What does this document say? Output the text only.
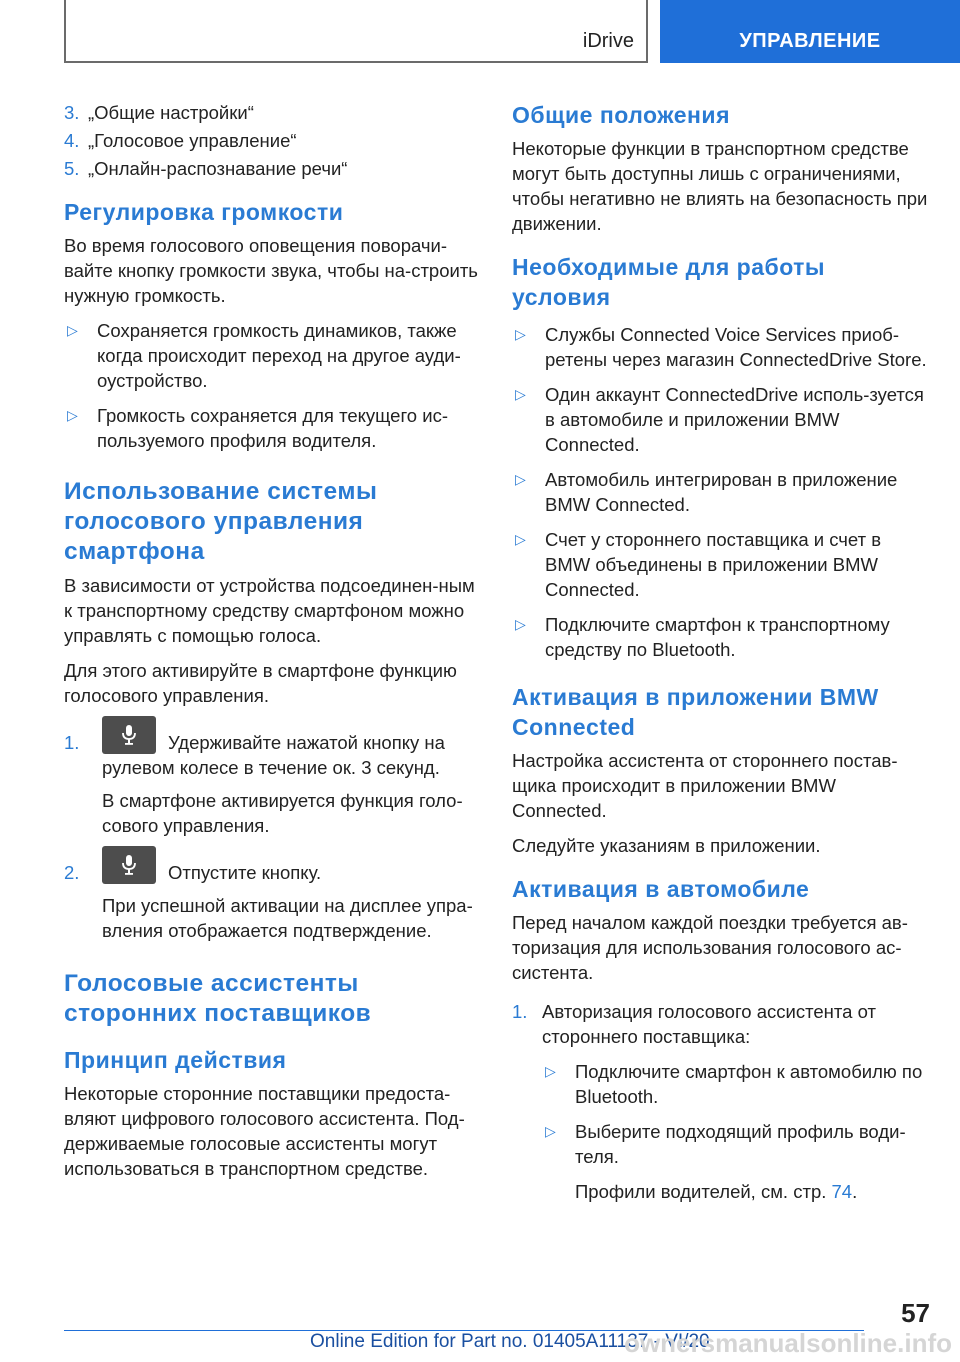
iDrive	УПРАВЛЕНИЕ
3. „Общие настройки“
4. „Голосовое управление“
5. „Онлайн-распознавание речи“
Регулировка громкости

Во время голосового оповещения поворачи-вайте кнопку громкости звука, чтобы на-строить нужную громкость.

▷	Сохраняется громкость динамиков, также когда происходит переход на другое ауди-оустройство.
▷	Громкость сохраняется для текущего ис-пользуемого профиля водителя.
Использование системы голосового управления смартфона

В зависимости от устройства подсоединен-ным к транспортному средству смартфоном можно управлять с помощью голоса.

Для этого активируйте в смартфоне функцию голосового управления.

1.	Удерживайте нажатой кнопку на рулевом колесе в течение ок. 3 секунд.

В смартфоне активируется функция голо-сового управления.

2.	Отпустите кнопку.

При успешной активации на дисплее упра-вления отображается подтверждение.

Голосовые ассистенты сторонних поставщиков
Принцип действия

Некоторые сторонние поставщики предоста-вляют цифрового голосового ассистента. Под-держиваемые голосовые ассистенты могут использоваться в транспортном средстве.

Общие положения

Некоторые функции в транспортном средстве могут быть доступны лишь с ограничениями, чтобы негативно не влиять на безопасность при движении.

Необходимые для работы условия
▷	Службы Connected Voice Services приоб-ретены через магазин ConnectedDrive Store.
▷	Один аккаунт ConnectedDrive исполь-зуется в автомобиле и приложении BMW Connected.
▷	Автомобиль интегрирован в приложение BMW Connected.
▷	Счет у стороннего поставщика и счет в BMW объединены в приложении BMW Connected.
▷	Подключите смартфон к транспортному средству по Bluetooth.
Активация в приложении BMW Connected

Настройка ассистента от стороннего постав-щика происходит в приложении BMW Connected.

Следуйте указаниям в приложении.

Активация в автомобиле

Перед началом каждой поездки требуется ав-торизация для использования голосового ас-систента.

1. Авторизация голосового ассистента от стороннего поставщика:
▷	Подключите смартфон к автомобилю по Bluetooth.
▷	Выберите подходящий профиль води-теля.

Профили водителей, см. стр. 74.

57
Online Edition for Part no. 01405A11137 - VI/20
ownersmanualsonline.info
